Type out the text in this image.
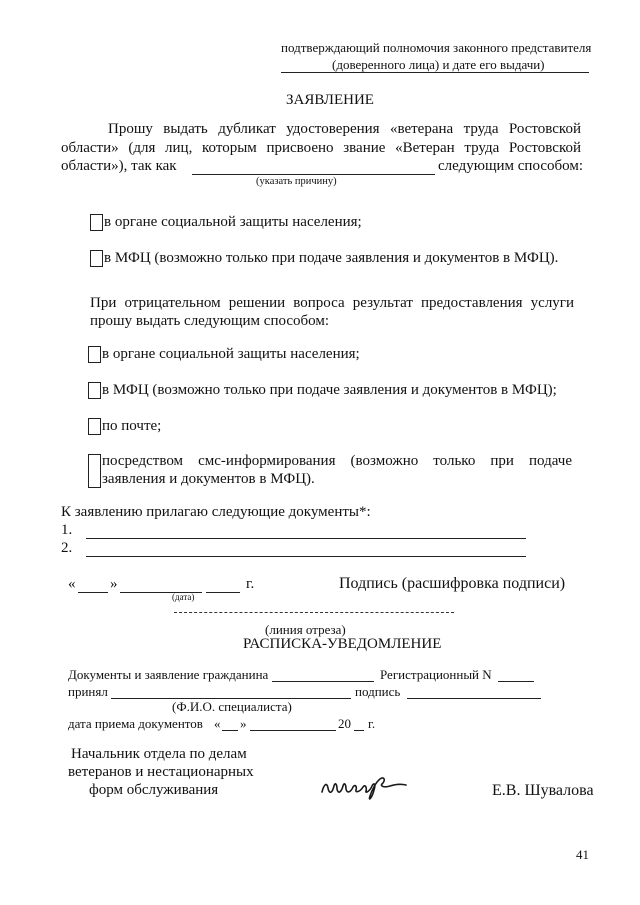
подтверждающий полномочия законного представителя
(доверенного лица) и дате его выдачи)
ЗАЯВЛЕНИЕ
Прошу выдать дубликат удостоверения «ветерана труда Ростовской
области» (для лиц, которым присвоено звание «Ветеран труда Ростовской
области»), так как	следующим способом:
(указать причину)
в органе социальной защиты населения;
в МФЦ (возможно только при подаче заявления и документов в МФЦ).
При отрицательном решении вопроса результат предоставления услуги
прошу выдать следующим способом:
в органе социальной защиты населения;
в МФЦ (возможно только при подаче заявления и документов в МФЦ);
по почте;
посредством смс-информирования (возможно только при подаче
заявления и документов в МФЦ).
К заявлению прилагаю следующие документы*:
1.
2.
« »	г.
(дата)
Подпись (расшифровка подписи)
(линия отреза)
РАСПИСКА-УВЕДОМЛЕНИЕ
Документы и заявление гражданина	Регистрационный N
принял	подпись
(Ф.И.О. специалиста)
дата приема документов « »	20 г.
Начальник отдела по делам
ветеранов и нестационарных
форм обслуживания	Е.В. Шувалова
41
